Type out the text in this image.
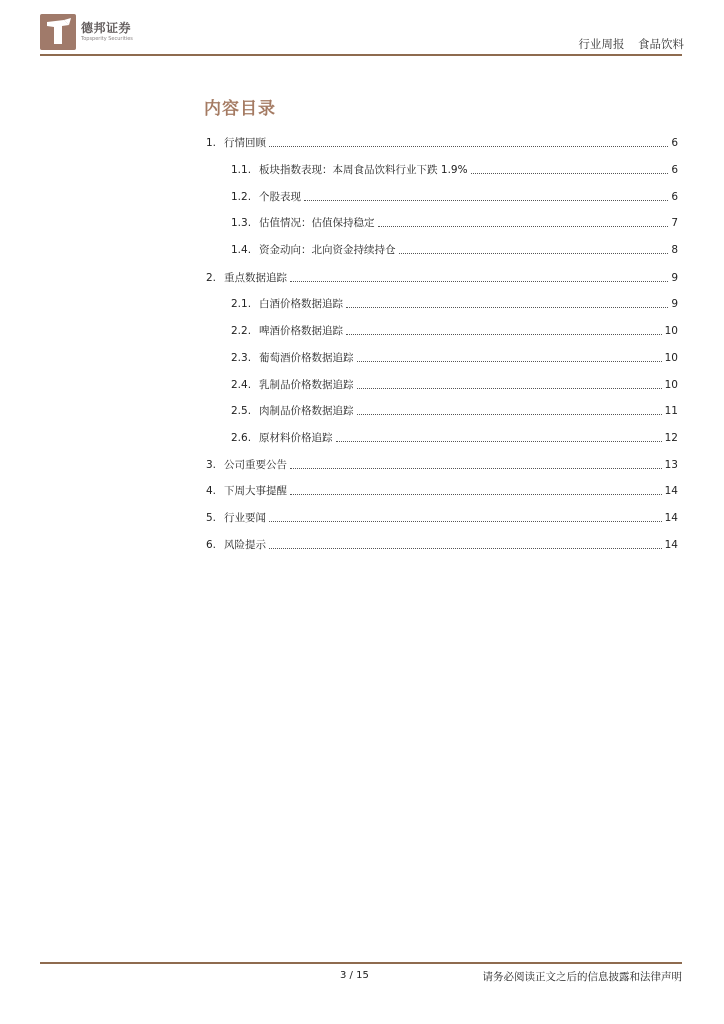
德邦证券
Topsperity Securities	行业周报 食品饮料
内容目录
1. 行情回顾	6
1.1. 板块指数表现：本周食品饮料行业下跌 1.9%	6
1.2. 个股表现	6
1.3. 估值情况：估值保持稳定	7
1.4. 资金动向：北向资金持续持仓	8
2. 重点数据追踪	9
2.1. 白酒价格数据追踪	9
2.2. 啤酒价格数据追踪	10
2.3. 葡萄酒价格数据追踪	10
2.4. 乳制品价格数据追踪	10
2.5. 肉制品价格数据追踪	11
2.6. 原材料价格追踪	12
3. 公司重要公告	13
4. 下周大事提醒	14
5. 行业要闻	14
6. 风险提示	14
3 / 15	请务必阅读正文之后的信息披露和法律声明
